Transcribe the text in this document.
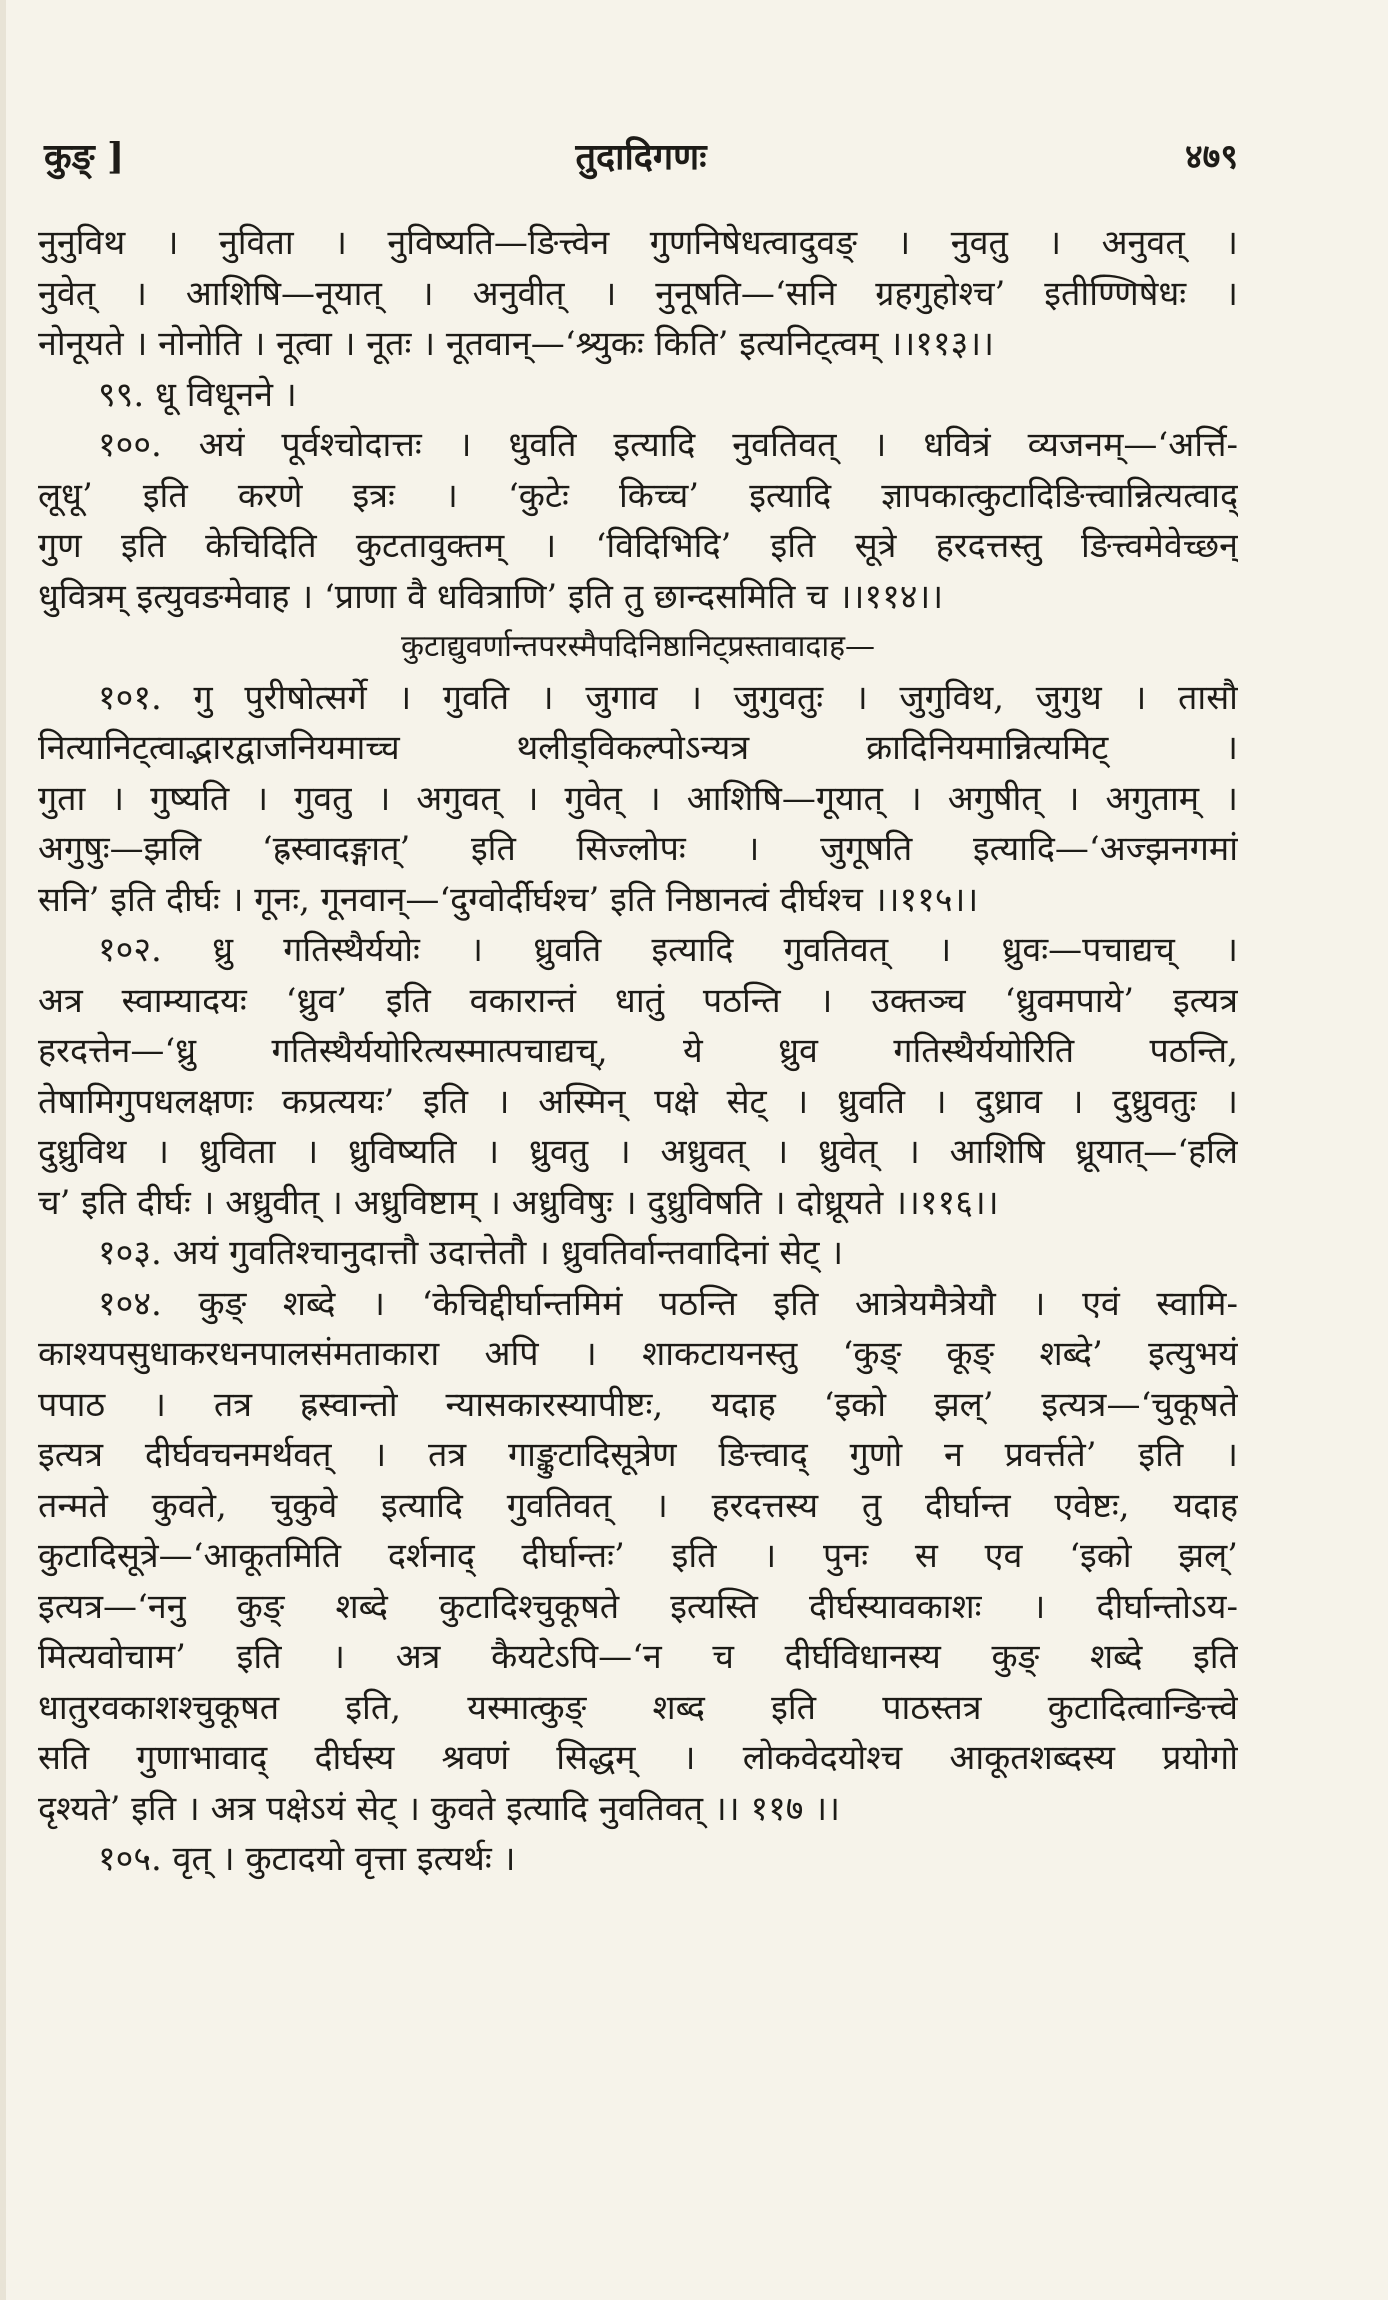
कुङ् ]	तुदादिगणः	४७९
नुनुविथ । नुविता । नुविष्यति—ङित्त्वेन गुणनिषेधत्वादुवङ् । नुवतु । अनुवत् ।
नुवेत् । आशिषि—नूयात् । अनुवीत् । नुनूषति—‘सनि ग्रहगुहोश्च’ इतीण्णिषेधः ।
नोनूयते । नोनोति । नूत्वा । नूतः । नूतवान्—‘श्र्युकः किति’ इत्यनिट्त्वम् ।।११३।।
९९. धू विधूनने ।
१००. अयं पूर्वश्चोदात्तः । धुवति इत्यादि नुवतिवत् । धवित्रं व्यजनम्—‘अर्त्ति-
लूधू’ इति करणे इत्रः । ‘कुटेः किच्च’ इत्यादि ज्ञापकात्कुटादिङित्त्वान्नित्यत्वाद्
गुण इति केचिदिति कुटतावुक्तम् । ‘विदिभिदि’ इति सूत्रे हरदत्तस्तु ङित्त्वमेवेच्छन्
धुवित्रम् इत्युवङमेवाह । ‘प्राणा वै धवित्राणि’ इति तु छान्दसमिति च ।।११४।।
कुटाद्युवर्णान्तपरस्मैपदिनिष्ठानिट्प्रस्तावादाह—
१०१. गु पुरीषोत्सर्गे । गुवति । जुगाव । जुगुवतुः । जुगुविथ, जुगुथ । तासौ
नित्यानिट्त्वाद्भारद्वाजनियमाच्च थलीड्विकल्पोऽन्यत्र क्रादिनियमान्नित्यमिट् ।
गुता । गुष्यति । गुवतु । अगुवत् । गुवेत् । आशिषि—गूयात् । अगुषीत् । अगुताम् ।
अगुषुः—झलि ‘ह्रस्वादङ्गात्’ इति सिज्लोपः । जुगूषति इत्यादि—‘अज्झनगमां
सनि’ इति दीर्घः । गूनः, गूनवान्—‘दुग्वोर्दीर्घश्च’ इति निष्ठानत्वं दीर्घश्च ।।११५।।
१०२. ध्रु गतिस्थैर्ययोः । ध्रुवति इत्यादि गुवतिवत् । ध्रुवः—पचाद्यच् ।
अत्र स्वाम्यादयः ‘ध्रुव’ इति वकारान्तं धातुं पठन्ति । उक्तञ्च ‘ध्रुवमपाये’ इत्यत्र
हरदत्तेन—‘ध्रु गतिस्थैर्ययोरित्यस्मात्पचाद्यच्, ये ध्रुव गतिस्थैर्ययोरिति पठन्ति,
तेषामिगुपधलक्षणः कप्रत्ययः’ इति । अस्मिन् पक्षे सेट् । ध्रुवति । दुध्राव । दुध्रुवतुः ।
दुध्रुविथ । ध्रुविता । ध्रुविष्यति । ध्रुवतु । अध्रुवत् । ध्रुवेत् । आशिषि ध्रूयात्—‘हलि
च’ इति दीर्घः । अध्रुवीत् । अध्रुविष्टाम् । अध्रुविषुः । दुध्रुविषति । दोध्रूयते ।।११६।।
१०३. अयं गुवतिश्चानुदात्तौ उदात्तेतौ । ध्रुवतिर्वान्तवादिनां सेट् ।
१०४. कुङ् शब्दे । ‘केचिद्दीर्घान्तमिमं पठन्ति इति आत्रेयमैत्रेयौ । एवं स्वामि-
काश्यपसुधाकरधनपालसंमताकारा अपि । शाकटायनस्तु ‘कुङ् कूङ् शब्दे’ इत्युभयं
पपाठ । तत्र ह्रस्वान्तो न्यासकारस्यापीष्टः, यदाह ‘इको झल्’ इत्यत्र—‘चुकूषते
इत्यत्र दीर्घवचनमर्थवत् । तत्र गाङ्कुटादिसूत्रेण ङित्त्वाद् गुणो न प्रवर्त्तते’ इति ।
तन्मते कुवते, चुकुवे इत्यादि गुवतिवत् । हरदत्तस्य तु दीर्घान्त एवेष्टः, यदाह
कुटादिसूत्रे—‘आकूतमिति दर्शनाद् दीर्घान्तः’ इति । पुनः स एव ‘इको झल्’
इत्यत्र—‘ननु कुङ् शब्दे कुटादिश्चुकूषते इत्यस्ति दीर्घस्यावकाशः । दीर्घान्तोऽय-
मित्यवोचाम’ इति । अत्र कैयटेऽपि—‘न च दीर्घविधानस्य कुङ् शब्दे इति
धातुरवकाशश्चुकूषत इति, यस्मात्कुङ् शब्द इति पाठस्तत्र कुटादित्वान्ङित्त्वे
सति गुणाभावाद् दीर्घस्य श्रवणं सिद्धम् । लोकवेदयोश्च आकूतशब्दस्य प्रयोगो
दृश्यते’ इति । अत्र पक्षेऽयं सेट् । कुवते इत्यादि नुवतिवत् ।। ११७ ।।
१०५. वृत् । कुटादयो वृत्ता इत्यर्थः ।
